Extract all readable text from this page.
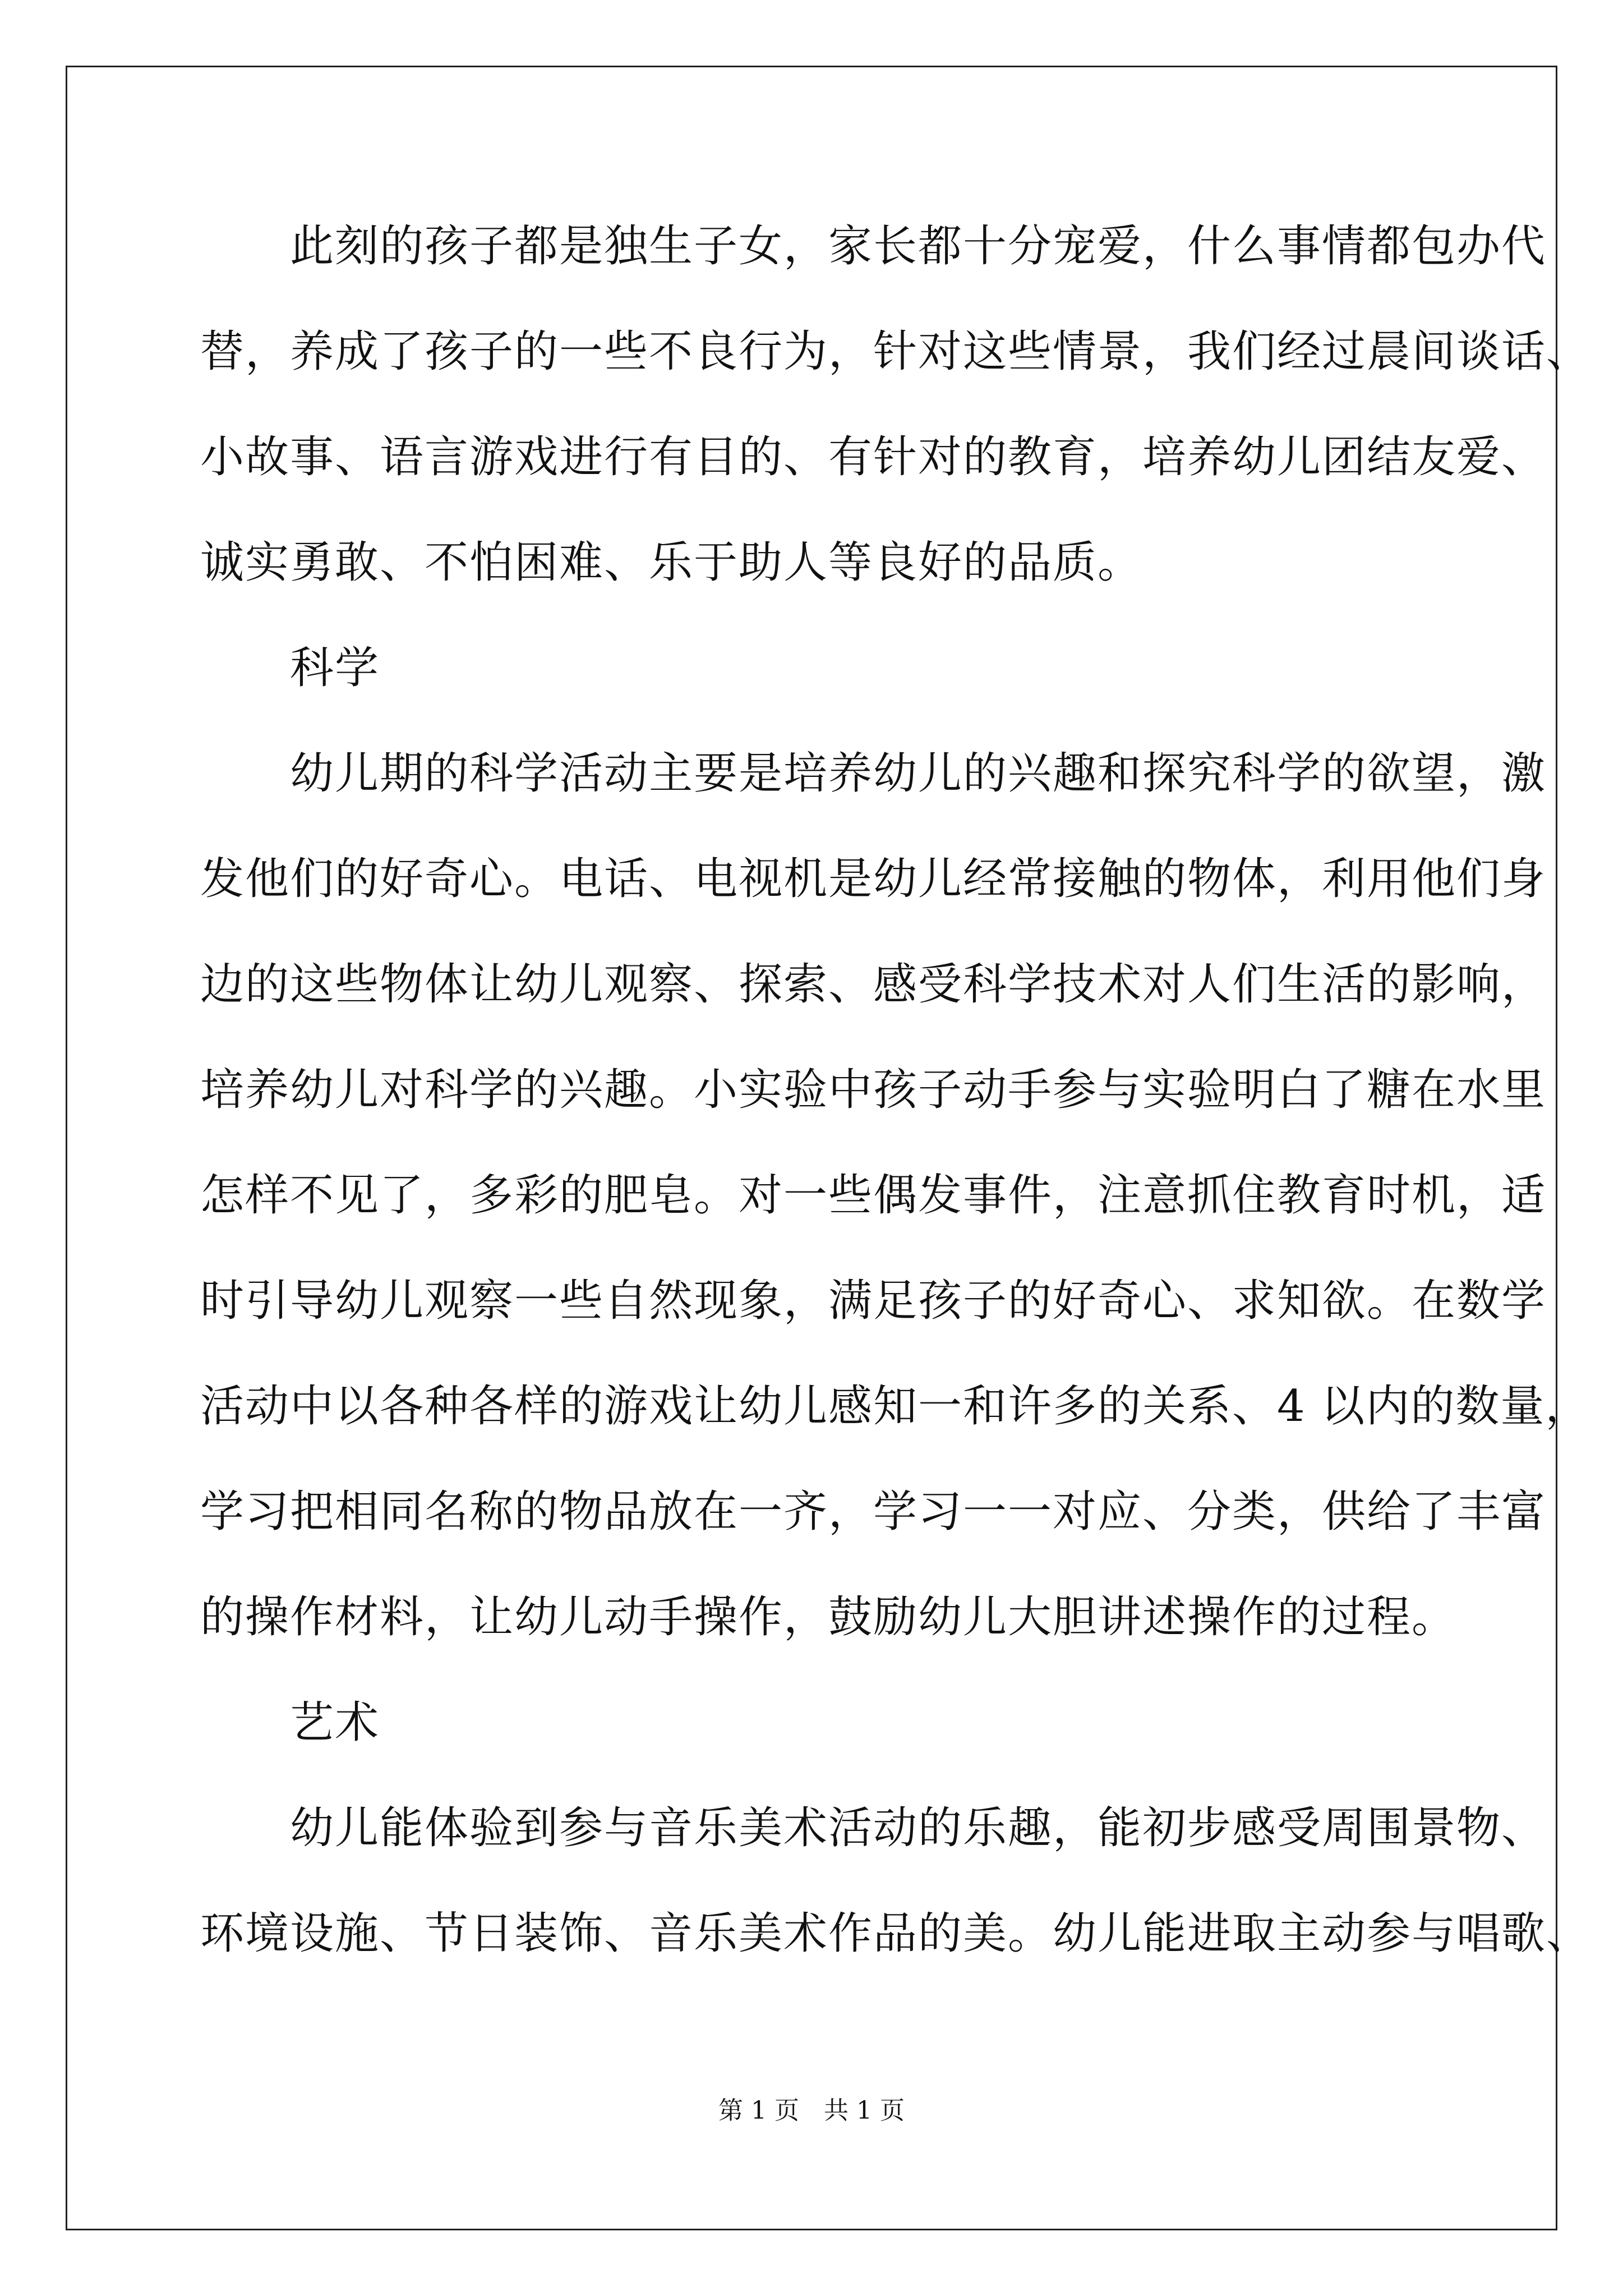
　　此刻的孩子都是独生子女，家长都十分宠爱，什么事情都包办代
替，养成了孩子的一些不良行为，针对这些情景，我们经过晨间谈话、
小故事、语言游戏进行有目的、有针对的教育，培养幼儿团结友爱、
诚实勇敢、不怕困难、乐于助人等良好的品质。
　　科学
　　幼儿期的科学活动主要是培养幼儿的兴趣和探究科学的欲望，激
发他们的好奇心。电话、电视机是幼儿经常接触的物体，利用他们身
边的这些物体让幼儿观察、探索、感受科学技术对人们生活的影响，
培养幼儿对科学的兴趣。小实验中孩子动手参与实验明白了糖在水里
怎样不见了，多彩的肥皂。对一些偶发事件，注意抓住教育时机，适
时引导幼儿观察一些自然现象，满足孩子的好奇心、求知欲。在数学
活动中以各种各样的游戏让幼儿感知一和许多的关系、4 以内的数量，
学习把相同名称的物品放在一齐，学习一一对应、分类，供给了丰富
的操作材料，让幼儿动手操作，鼓励幼儿大胆讲述操作的过程。
　　艺术
　　幼儿能体验到参与音乐美术活动的乐趣，能初步感受周围景物、
环境设施、节日装饰、音乐美术作品的美。幼儿能进取主动参与唱歌、
第 1 页　共 1 页
